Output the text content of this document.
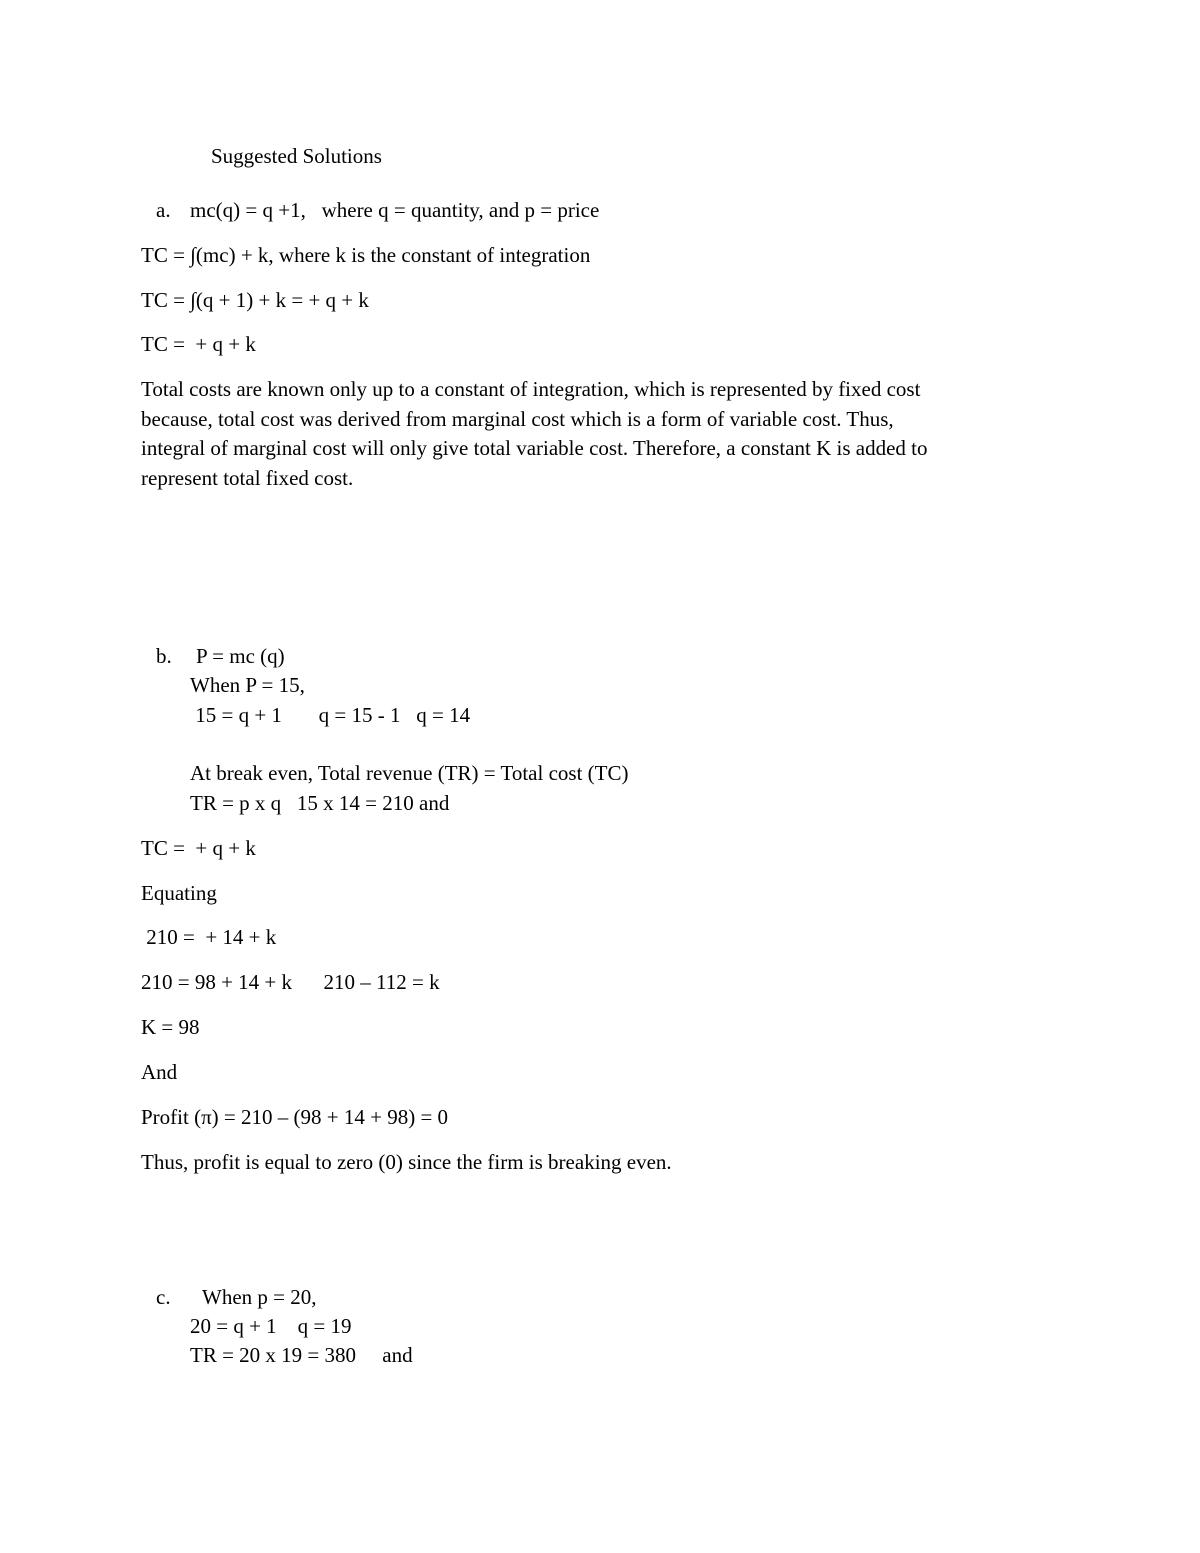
Suggested Solutions
a. mc(q) = q +1,   where q = quantity, and p = price
TC = ∫(mc) + k, where k is the constant of integration
TC = ∫(q + 1) + k = + q + k
TC =  + q + k
Total costs are known only up to a constant of integration, which is represented by fixed cost
because, total cost was derived from marginal cost which is a form of variable cost. Thus,
integral of marginal cost will only give total variable cost. Therefore, a constant K is added to
represent total fixed cost.
b. P = mc (q)
When P = 15,
15 = q + 1       q = 15 - 1   q = 14
At break even, Total revenue (TR) = Total cost (TC)
TR = p x q   15 x 14 = 210 and
TC =  + q + k
Equating
210 =  + 14 + k
210 = 98 + 14 + k      210 – 112 = k
K = 98
And
Profit (π) = 210 – (98 + 14 + 98) = 0
Thus, profit is equal to zero (0) since the firm is breaking even.
c. When p = 20,
20 = q + 1    q = 19
TR = 20 x 19 = 380     and
